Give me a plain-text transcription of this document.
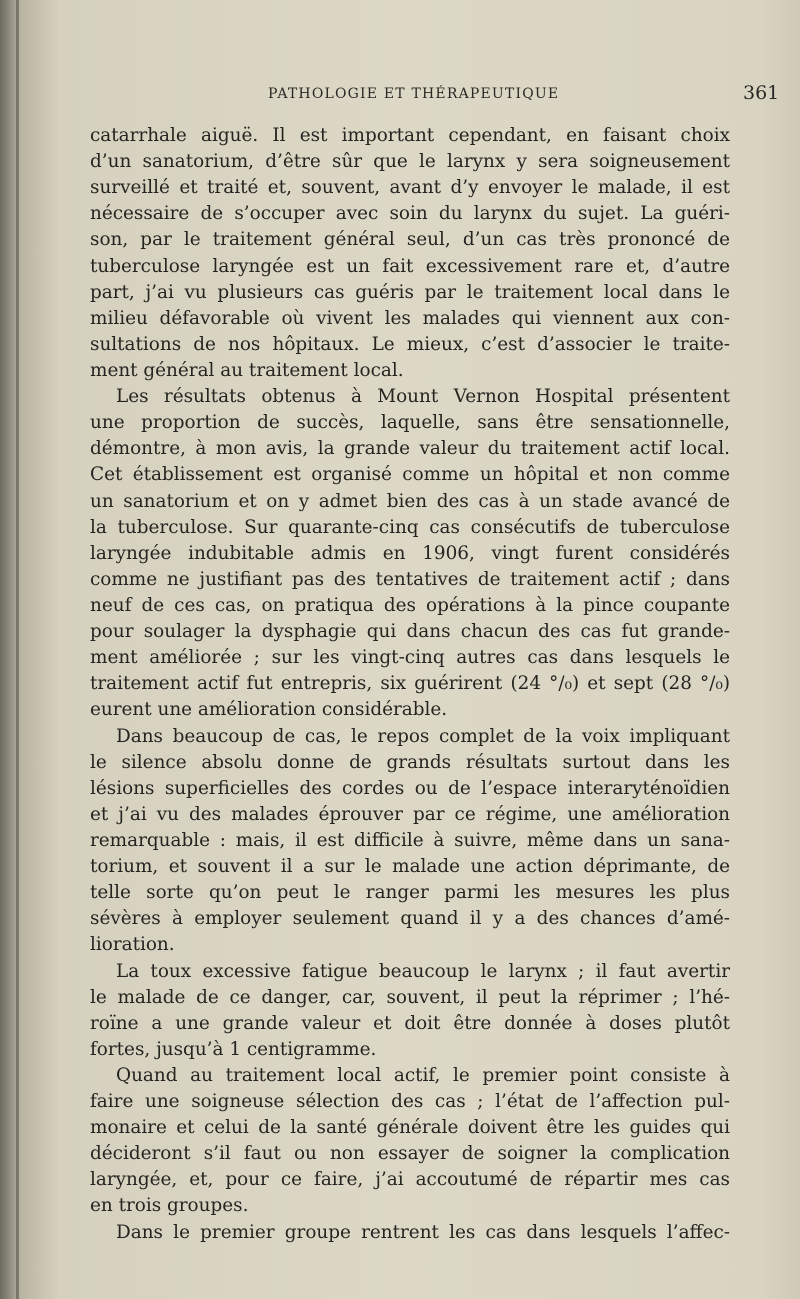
PATHOLOGIE ET THÉRAPEUTIQUE	361
catarrhale aiguë. Il est important cependant, en faisant choix
d’un sanatorium, d’être sûr que le larynx y sera soigneusement
surveillé et traité et, souvent, avant d’y envoyer le malade, il est
nécessaire de s’occuper avec soin du larynx du sujet. La guéri-
son, par le traitement général seul, d’un cas très prononcé de
tuberculose laryngée est un fait excessivement rare et, d’autre
part, j’ai vu plusieurs cas guéris par le traitement local dans le
milieu défavorable où vivent les malades qui viennent aux con-
sultations de nos hôpitaux. Le mieux, c’est d’associer le traite-
ment général au traitement local.
Les résultats obtenus à Mount Vernon Hospital présentent
une proportion de succès, laquelle, sans être sensationnelle,
démontre, à mon avis, la grande valeur du traitement actif local.
Cet établissement est organisé comme un hôpital et non comme
un sanatorium et on y admet bien des cas à un stade avancé de
la tuberculose. Sur quarante-cinq cas consécutifs de tuberculose
laryngée indubitable admis en 1906, vingt furent considérés
comme ne justifiant pas des tentatives de traitement actif ; dans
neuf de ces cas, on pratiqua des opérations à la pince coupante
pour soulager la dysphagie qui dans chacun des cas fut grande-
ment améliorée ; sur les vingt-cinq autres cas dans lesquels le
traitement actif fut entrepris, six guérirent (24 °/₀) et sept (28 °/₀)
eurent une amélioration considérable.
Dans beaucoup de cas, le repos complet de la voix impliquant
le silence absolu donne de grands résultats surtout dans les
lésions superficielles des cordes ou de l’espace interaryténoïdien
et j’ai vu des malades éprouver par ce régime, une amélioration
remarquable : mais, il est difficile à suivre, même dans un sana-
torium, et souvent il a sur le malade une action déprimante, de
telle sorte qu’on peut le ranger parmi les mesures les plus
sévères à employer seulement quand il y a des chances d’amé-
lioration.
La toux excessive fatigue beaucoup le larynx ; il faut avertir
le malade de ce danger, car, souvent, il peut la réprimer ; l’hé-
roïne a une grande valeur et doit être donnée à doses plutôt
fortes, jusqu’à 1 centigramme.
Quand au traitement local actif, le premier point consiste à
faire une soigneuse sélection des cas ; l’état de l’affection pul-
monaire et celui de la santé générale doivent être les guides qui
décideront s’il faut ou non essayer de soigner la complication
laryngée, et, pour ce faire, j’ai accoutumé de répartir mes cas
en trois groupes.
Dans le premier groupe rentrent les cas dans lesquels l’affec-
